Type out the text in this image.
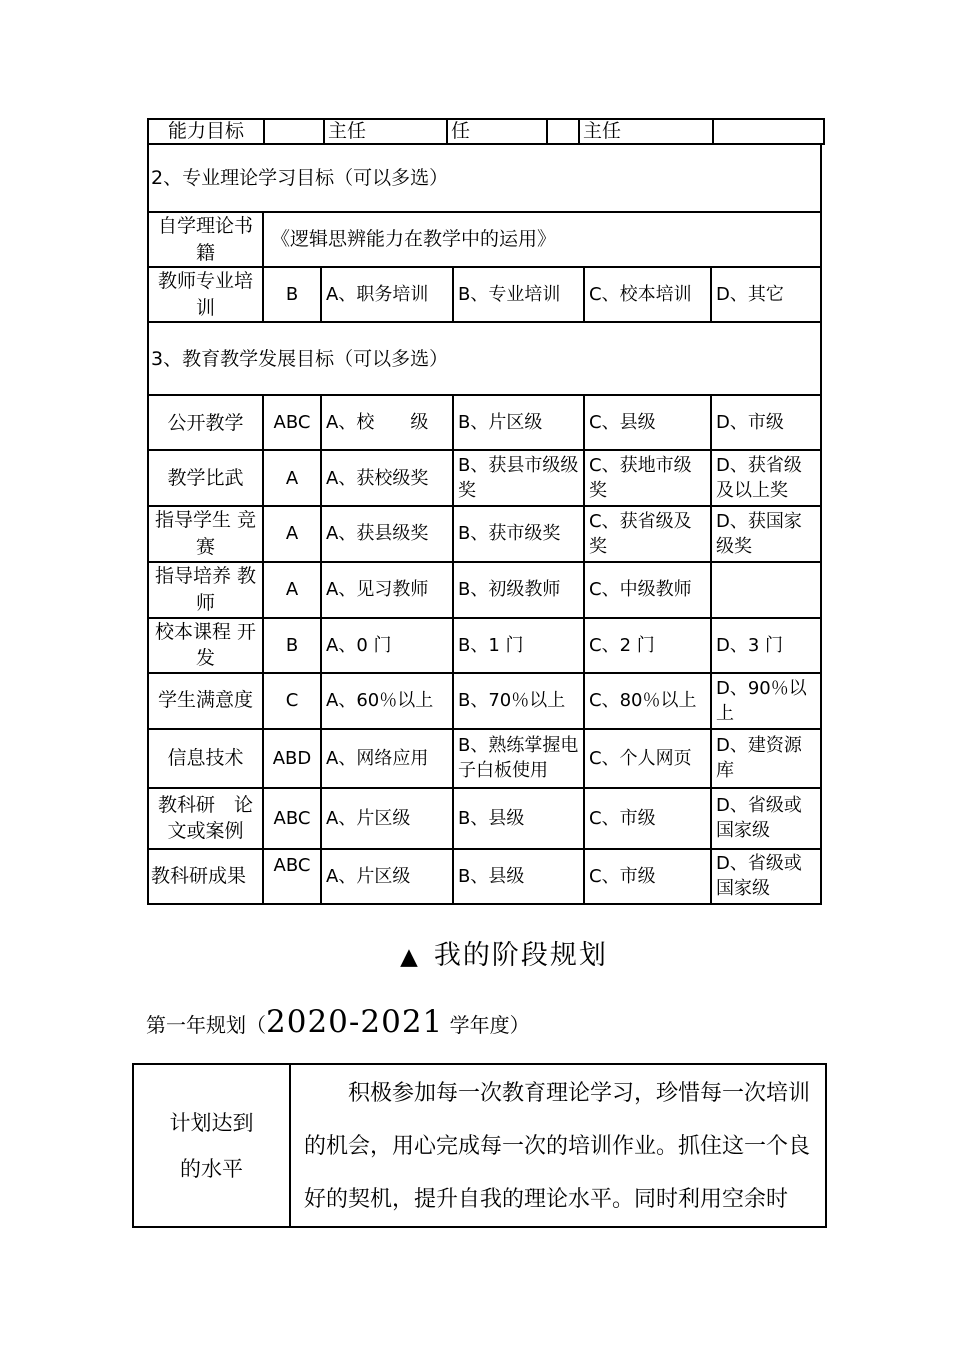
能力目标		主任	任		主任	
2、专业理论学习目标（可以多选）					
自学理论书籍	《逻辑思辨能力在教学中的运用》				
教师专业培训	B	A、职务培训	B、专业培训	C、校本培训	D、其它
3、教育教学发展目标（可以多选）					
公开教学	ABC	A、校　　级	B、片区级	C、县级	D、市级
教学比武	A	A、获校级奖	B、获县市级级奖	C、获地市级奖	D、获省级及以上奖
指导学生 竞赛	A	A、获县级奖	B、获市级奖	C、获省级及奖	D、获国家级奖
指导培养 教师	A	A、见习教师	B、初级教师	C、中级教师	
校本课程 开发	B	A、0 门	B、1 门	C、2 门	D、3 门
学生满意度	C	A、60％以上	B、70％以上	C、80％以上	D、90％以上
信息技术	ABD	A、网络应用	B、熟练掌握电子白板使用	C、个人网页	D、建资源库
教科研　论文或案例	ABC	A、片区级	B、县级	C、市级	D、省级或国家级
教科研成果	ABC	A、片区级	B、县级	C、市级	D、省级或国家级
▲ 我的阶段规划
第一年规划（2020-2021 学年度）
计划达到
的水平	积极参加每一次教育理论学习，珍惜每一次培训的机会，用心完成每一次的培训作业。抓住这一个良好的契机，提升自我的理论水平。同时利用空余时
